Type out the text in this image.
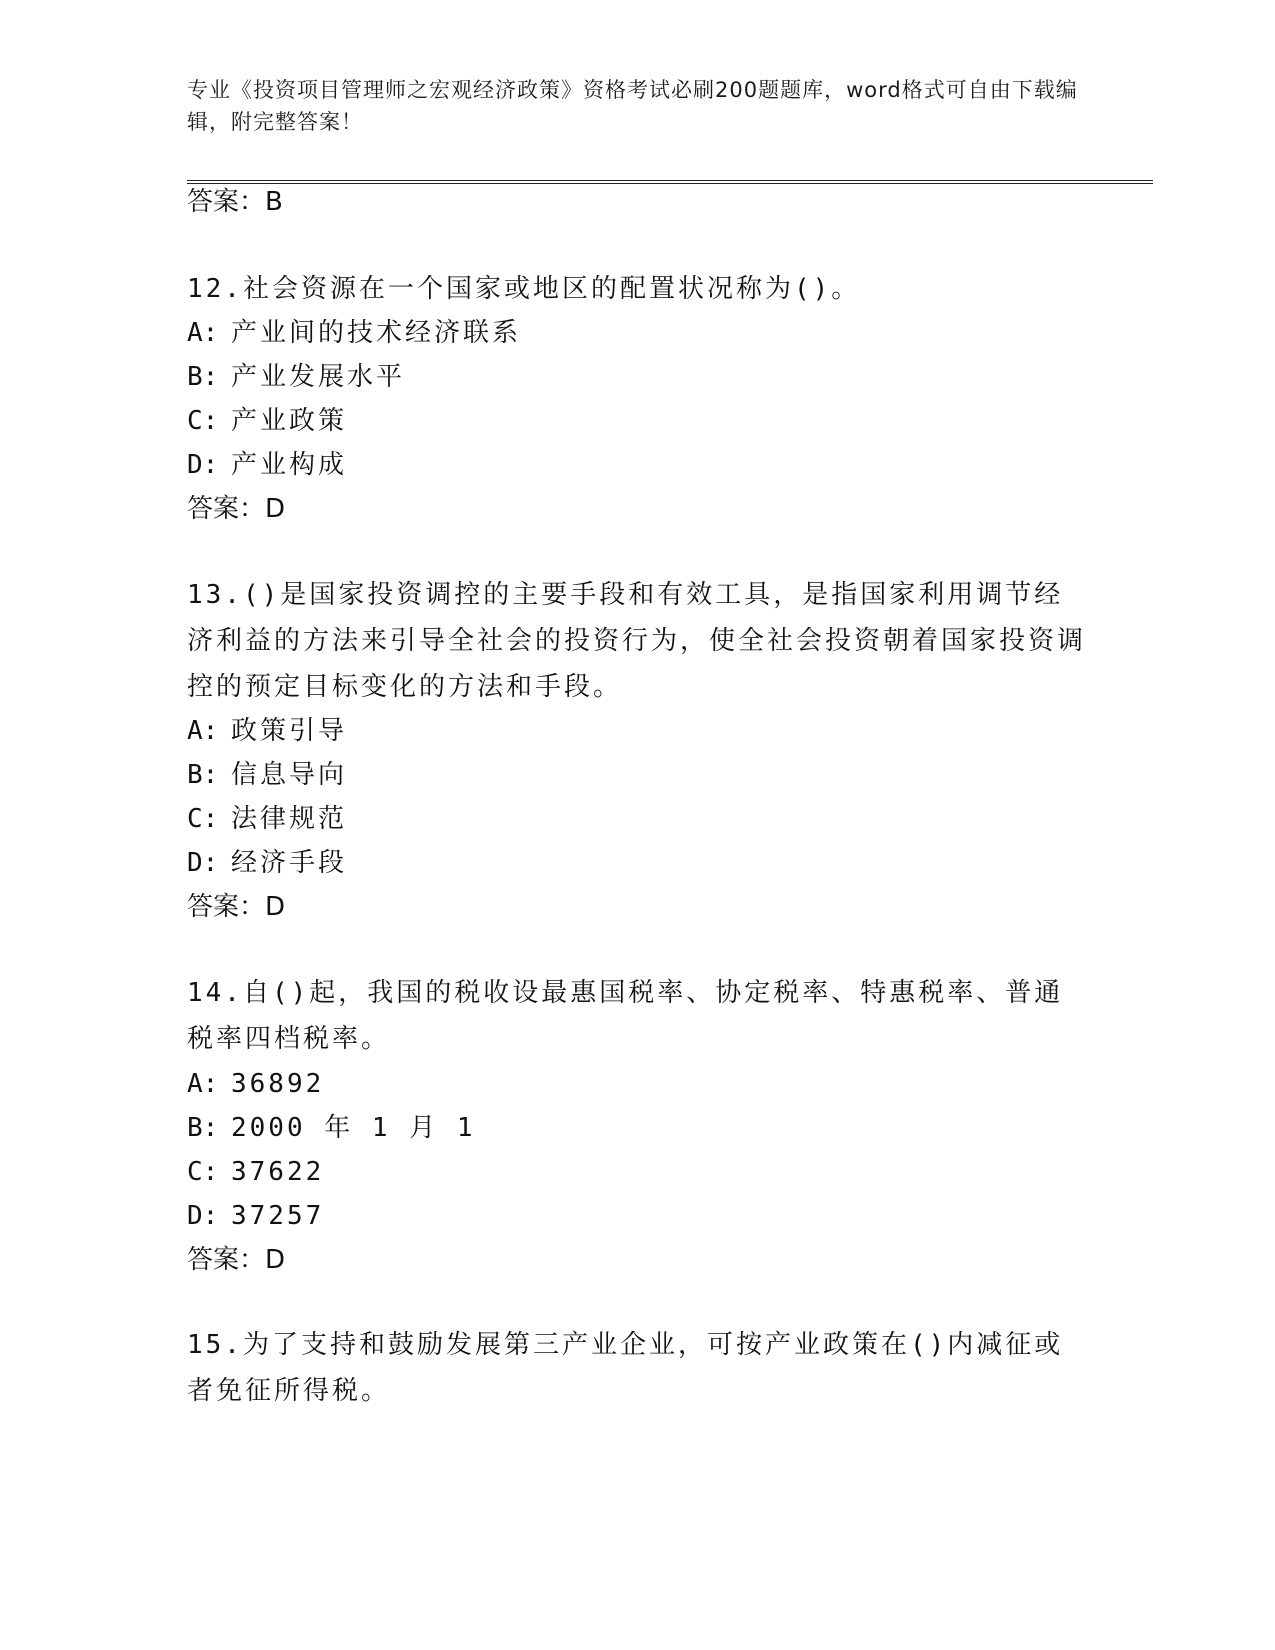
专业《投资项目管理师之宏观经济政策》资格考试必刷200题题库，word格式可自由下载编辑，附完整答案！
答案：B
12.社会资源在一个国家或地区的配置状况称为()。
A: 产业间的技术经济联系
B: 产业发展水平
C: 产业政策
D: 产业构成
答案：D
13.()是国家投资调控的主要手段和有效工具，是指国家利用调节经济利益的方法来引导全社会的投资行为，使全社会投资朝着国家投资调控的预定目标变化的方法和手段。
A: 政策引导
B: 信息导向
C: 法律规范
D: 经济手段
答案：D
14.自()起，我国的税收设最惠国税率、协定税率、特惠税率、普通税率四档税率。
A: 36892
B: 2000 年 1 月 1
C: 37622
D: 37257
答案：D
15.为了支持和鼓励发展第三产业企业，可按产业政策在()内减征或者免征所得税。
